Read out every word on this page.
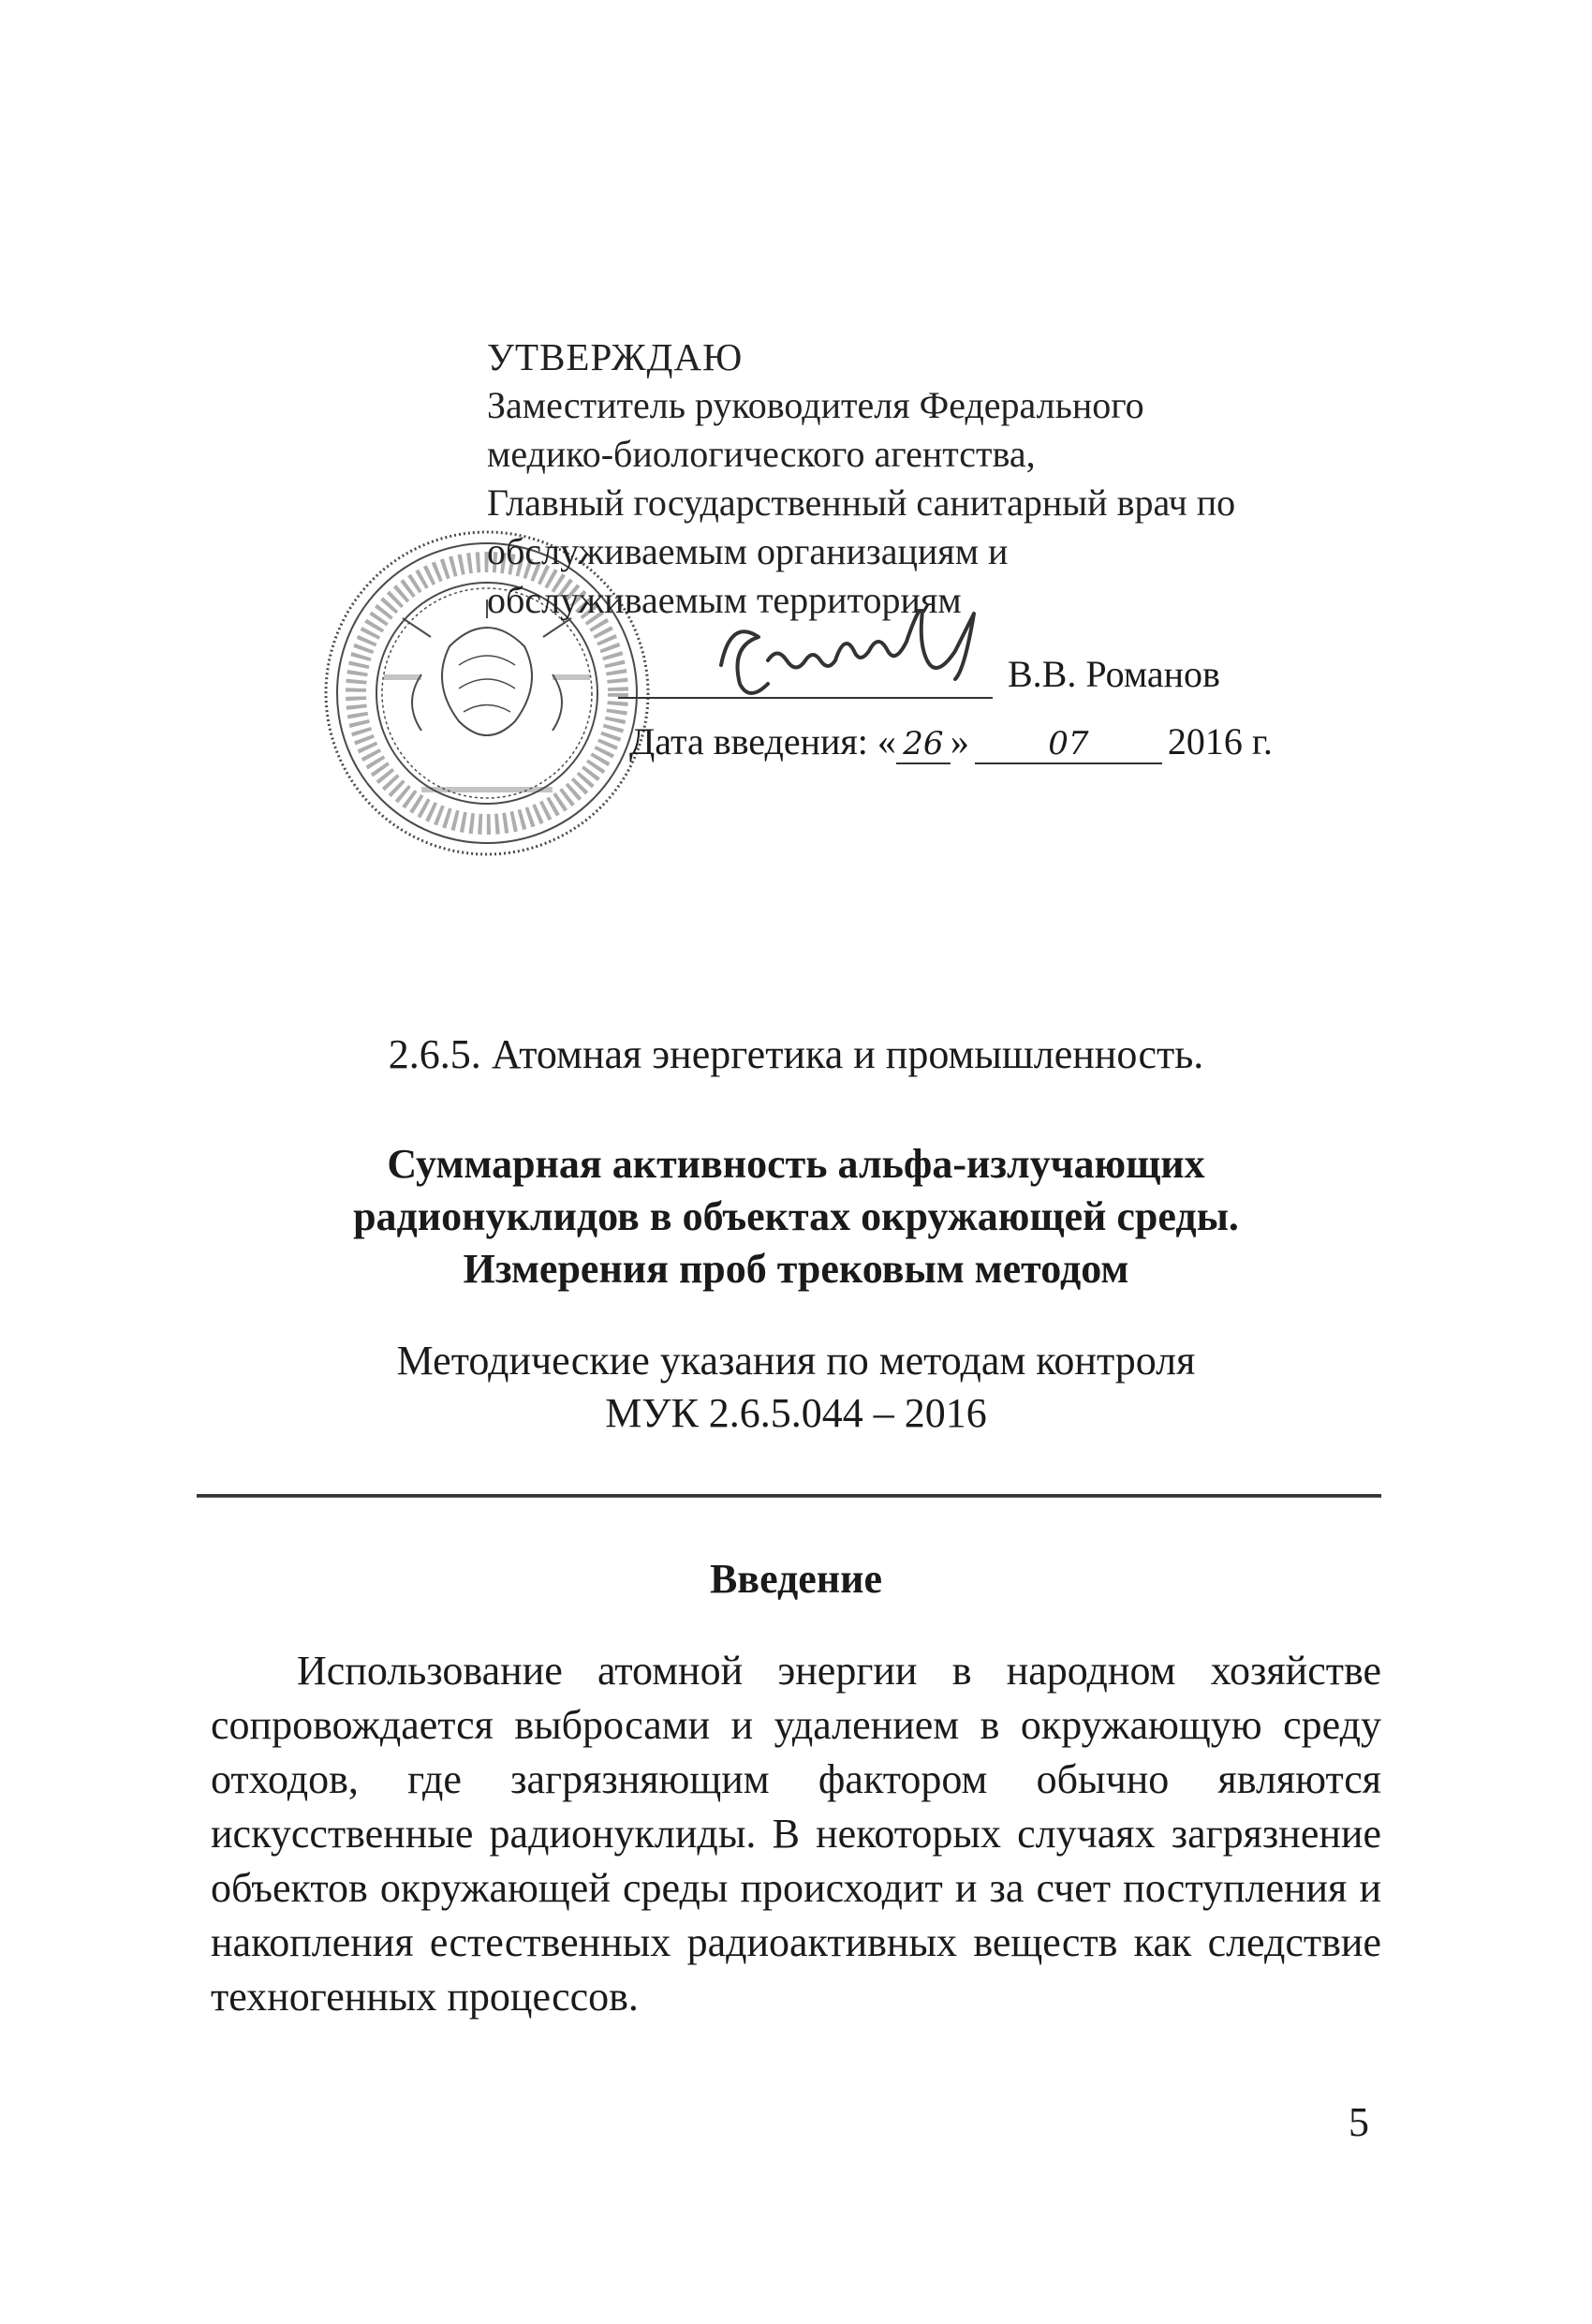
УТВЕРЖДАЮ
Заместитель руководителя Федерального
медико-биологического агентства,
Главный государственный санитарный врач по
обслуживаемым организациям и
обслуживаемым территориям
В.В. Романов
Дата введения: « 26 » 07 2016 г.
2.6.5. Атомная энергетика и промышленность.
Суммарная активность альфа-излучающих
радионуклидов в объектах окружающей среды.
Измерения проб трековым методом
Методические указания по методам контроля
МУК 2.6.5.044 – 2016
Введение
Использование атомной энергии в народном хозяйстве сопровождается выбросами и удалением в окружающую среду отходов, где загрязняющим фактором обычно являются искусственные радионуклиды. В некоторых случаях загрязнение объектов окружающей среды происходит и за счет поступления и накопления естественных радиоактивных веществ как следствие техногенных процессов.
5
